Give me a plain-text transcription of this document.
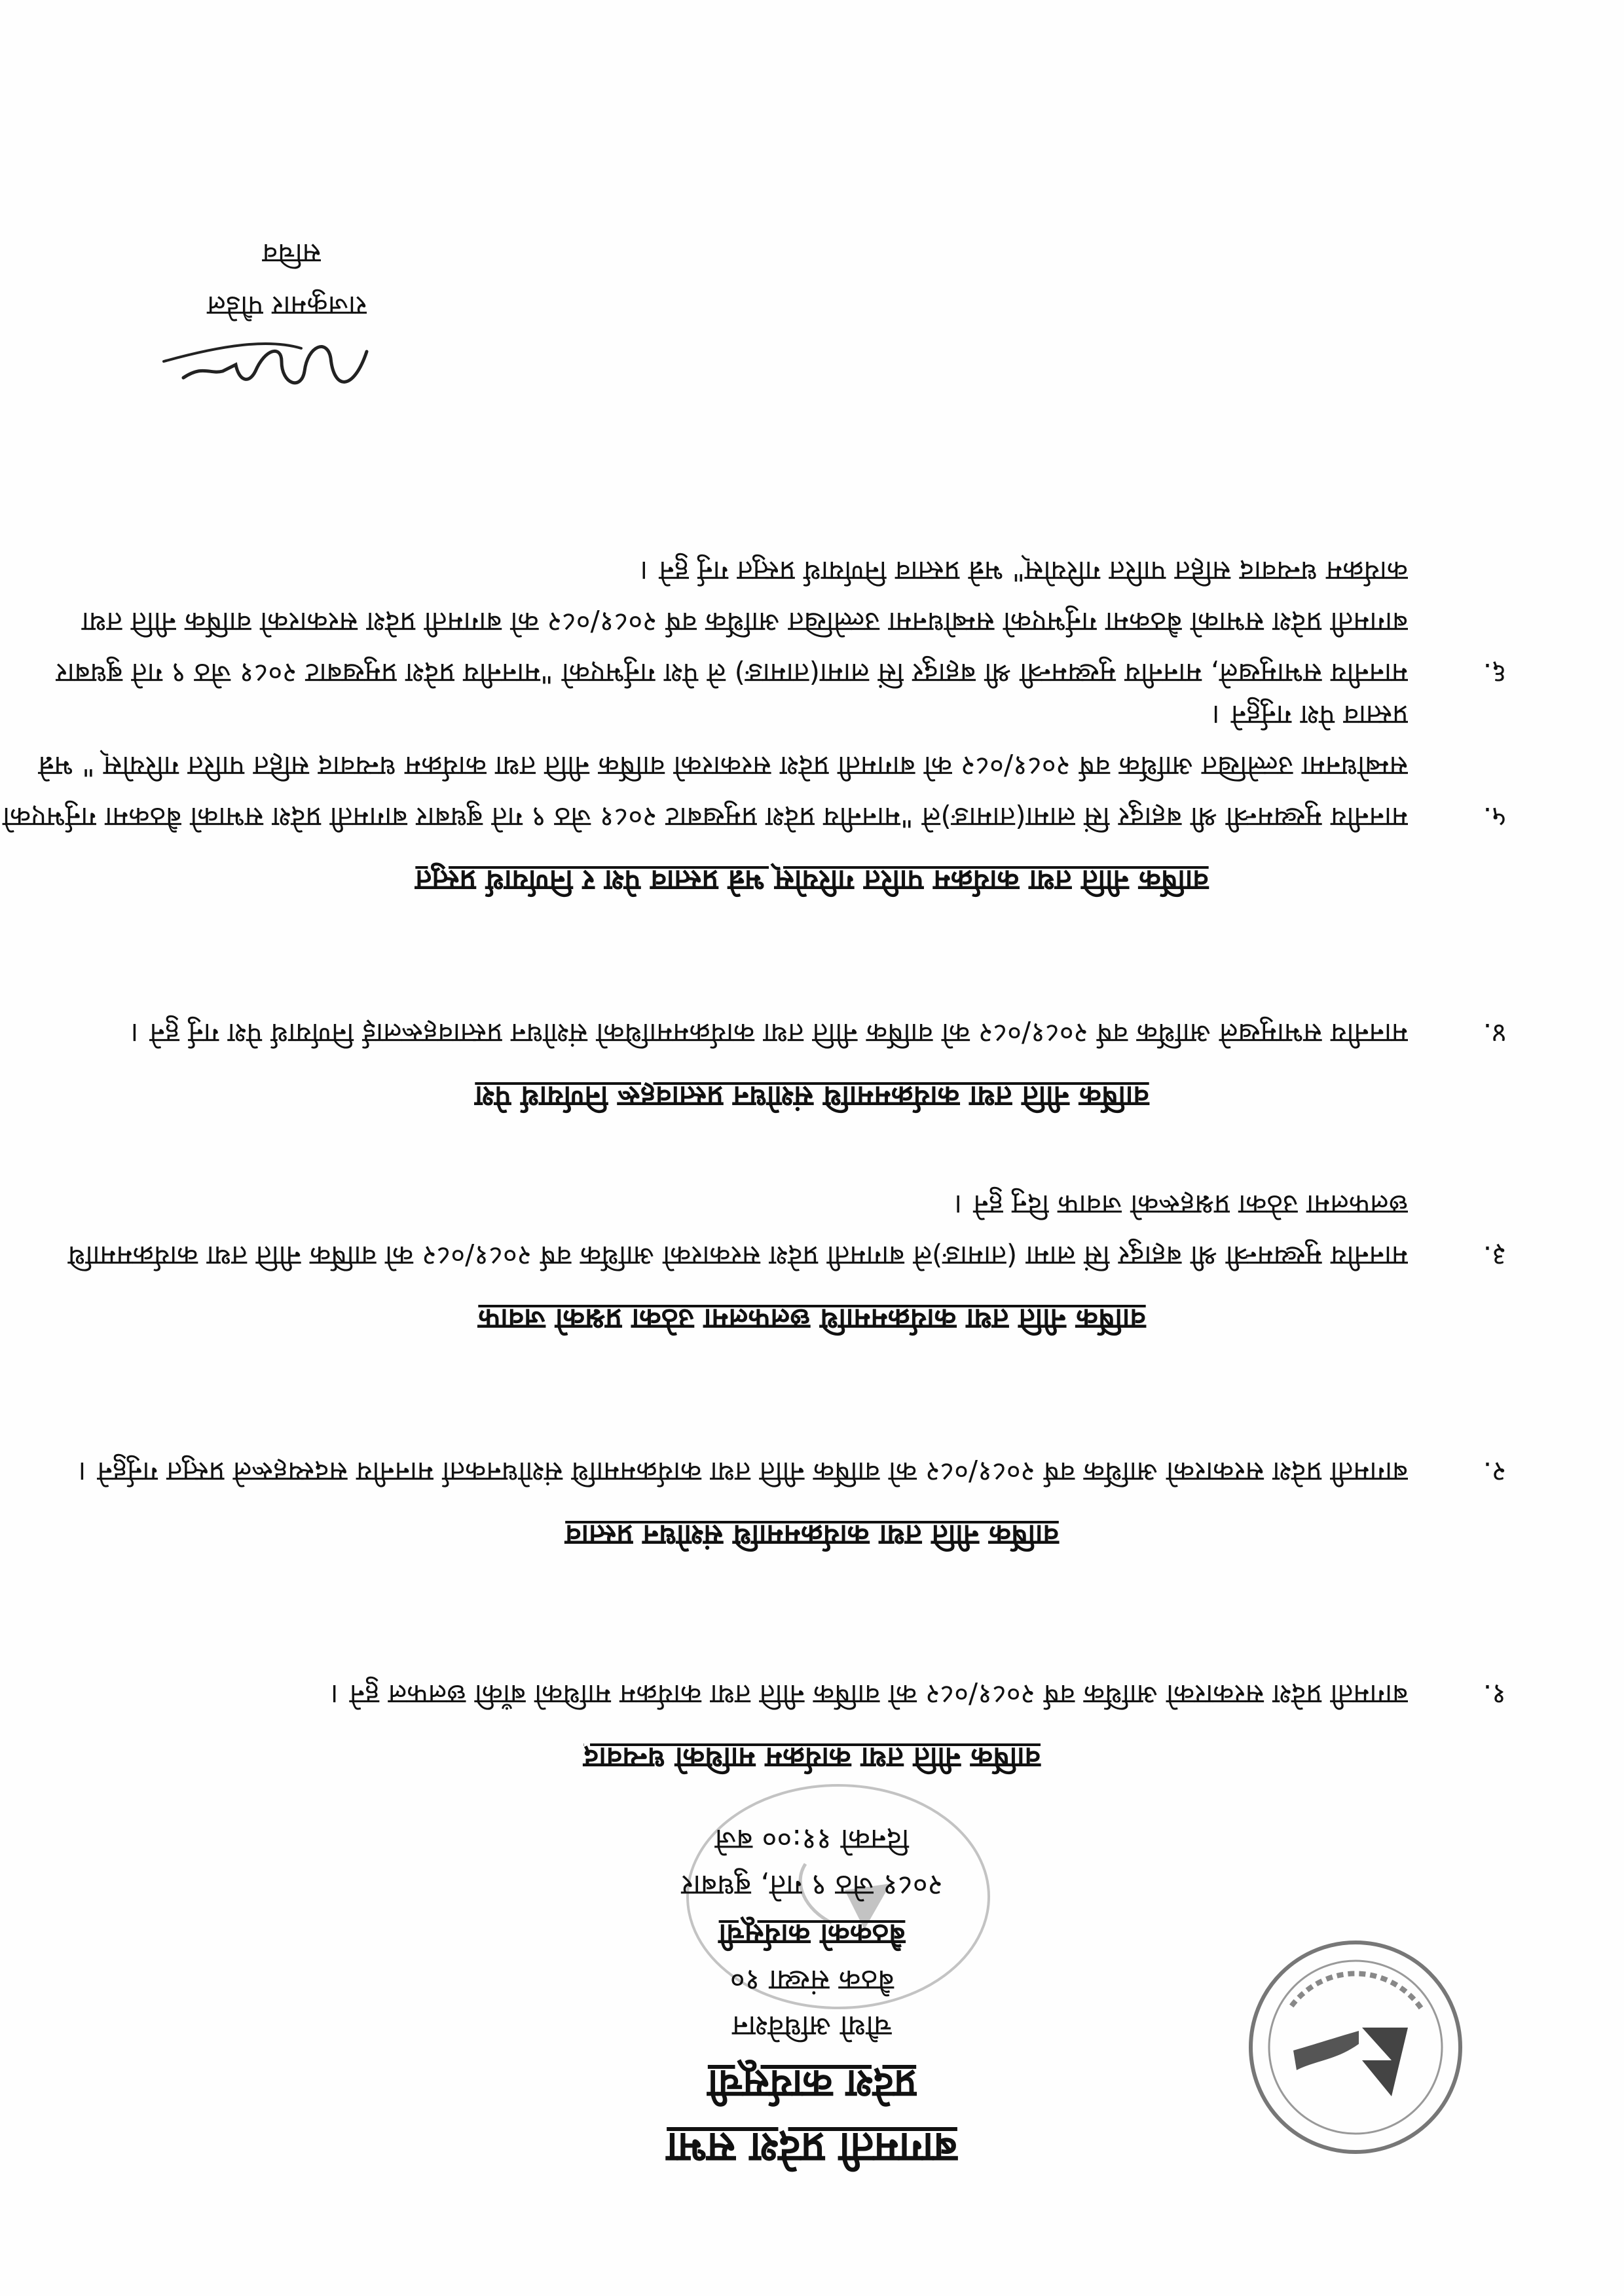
बागमती प्रदेश सभा
प्रदेश कार्यसूची
चौथो अधिवेशन
बैठक संख्या १०
बैठकको कार्यसूची
२०८१ जेठ ९ गते, बुधबार
दिनको ११:०० बजे
वार्षिक नीति तथा कार्यक्रम माथिको धन्यवाद
१.
बागमती प्रदेश सरकारको आर्थिक वर्ष २०८१/०८२ को वार्षिक नीति तथा कार्यक्रम माथिको बाँकी छलफल हुने ।
वार्षिक नीति तथा कार्यक्रममाथि संशोधन प्रस्ताव
२.
बागमती प्रदेश सरकारको आर्थिक वर्ष २०८१/०८२ को वार्षिक नीति तथा कार्यक्रममाथि संशोधनकर्ता माननीय सदस्यहरूले प्रस्तुत गर्नुहुने ।
वार्षिक नीति तथा कार्यक्रममाथि छलफलमा उठेका प्रश्नको जवाफ
३.
माननीय मुख्यमन्त्री श्री बहादुर सिं लामा (तामाङ)ले बागमती प्रदेश सरकारको आर्थिक वर्ष २०८१/०८२ को वार्षिक नीति तथा कार्यक्रममाथि छलफलमा उठेका प्रश्नहरूको जवाफ दिनु हुने ।
वार्षिक नीति तथा कार्यक्रममाथि संशोधन प्रस्तावहरू निर्णयार्थ पेश
४.
माननीय सभामुखले आर्थिक वर्ष २०८१/०८२ को वार्षिक नीति तथा कार्यक्रममाथिको संशोधन प्रस्तावहरूलाई निर्णयार्थ पेश गर्नु हुने ।
वार्षिक नीति तथा कार्यक्रम पारित गरियोस् भन्ने प्रस्ताव पेश र निर्णयार्थ प्रस्तुत
५.
माननीय मुख्यमन्त्री श्री बहादुर सिं लामा(तामाङ)ले "माननीय प्रदेश प्रमुखबाट २०८१ जेठ ९ गते बुधबार बागमती प्रदेश सभाको बैठकमा गर्नुभएको सम्बोधनमा उल्लेखित आर्थिक वर्ष २०८१/०८२ को बागमती प्रदेश सरकारको वार्षिक नीति तथा कार्यक्रम धन्यवाद सहित पारित गरियोस् " भन्ने प्रस्ताव पेश गर्नुहुने ।
६.
माननीय सभामुखले, माननीय मुख्यमन्त्री श्री बहादुर सिं लामा(तामाङ) ले पेश गर्नुभएको "माननीय प्रदेश प्रमुखबाट २०८१ जेठ ९ गते बुधबार बागमती प्रदेश सभाको बैठकमा गर्नुभएको सम्बोधनमा उल्लेखित आर्थिक वर्ष २०८१/०८२ को बागमती प्रदेश सरकारको वार्षिक नीति तथा कार्यक्रम धन्यवाद सहित पारित गरियोस्" भन्ने प्रस्ताव निर्णयार्थ प्रस्तुत गर्नु हुने ।
राजकुमार पौडेल
सचिव
